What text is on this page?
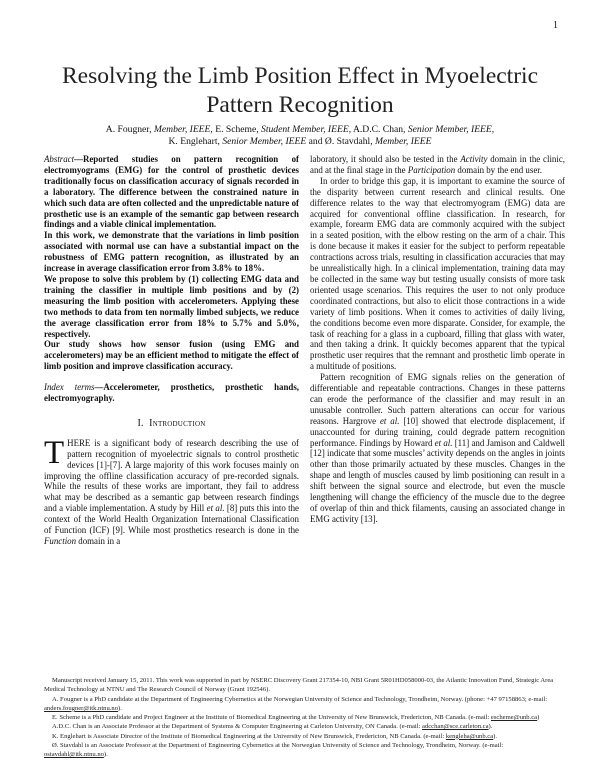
1
Resolving the Limb Position Effect in Myoelectric Pattern Recognition

A. Fougner, Member, IEEE, E. Scheme, Student Member, IEEE, A.D.C. Chan, Senior Member, IEEE,

K. Englehart, Senior Member, IEEE and Ø. Stavdahl, Member, IEEE

Abstract—Reported studies on pattern recognition of electromyograms (EMG) for the control of prosthetic devices traditionally focus on classification accuracy of signals recorded in a laboratory. The difference between the constrained nature in which such data are often collected and the unpredictable nature of prosthetic use is an example of the semantic gap between research findings and a viable clinical implementation.

In this work, we demonstrate that the variations in limb position associated with normal use can have a substantial impact on the robustness of EMG pattern recognition, as illustrated by an increase in average classification error from 3.8% to 18%.

We propose to solve this problem by (1) collecting EMG data and training the classifier in multiple limb positions and by (2) measuring the limb position with accelerometers. Applying these two methods to data from ten normally limbed subjects, we reduce the average classification error from 18% to 5.7% and 5.0%, respectively.

Our study shows how sensor fusion (using EMG and accelerometers) may be an efficient method to mitigate the effect of limb position and improve classification accuracy.

Index terms—Accelerometer, prosthetics, prosthetic hands, electromyography.

I. Introduction

THERE is a significant body of research describing the use of pattern recognition of myoelectric signals to control prosthetic devices [1]-[7]. A large majority of this work focuses mainly on improving the offline classification accuracy of pre-recorded signals. While the results of these works are important, they fail to address what may be described as a semantic gap between research findings and a viable implementation. A study by Hill et al. [8] puts this into the context of the World Health Organization International Classification of Function (ICF) [9]. While most prosthetics research is done in the Function domain in a

laboratory, it should also be tested in the Activity domain in the clinic, and at the final stage in the Participation domain by the end user.

In order to bridge this gap, it is important to examine the source of the disparity between current research and clinical results. One difference relates to the way that electromyogram (EMG) data are acquired for conventional offline classification. In research, for example, forearm EMG data are commonly acquired with the subject in a seated position, with the elbow resting on the arm of a chair. This is done because it makes it easier for the subject to perform repeatable contractions across trials, resulting in classification accuracies that may be unrealistically high. In a clinical implementation, training data may be collected in the same way but testing usually consists of more task oriented usage scenarios. This requires the user to not only produce coordinated contractions, but also to elicit those contractions in a wide variety of limb positions. When it comes to activities of daily living, the conditions become even more disparate. Consider, for example, the task of reaching for a glass in a cupboard, filling that glass with water, and then taking a drink. It quickly becomes apparent that the typical prosthetic user requires that the remnant and prosthetic limb operate in a multitude of positions.

Pattern recognition of EMG signals relies on the generation of differentiable and repeatable contractions. Changes in these patterns can erode the performance of the classifier and may result in an unusable controller. Such pattern alterations can occur for various reasons. Hargrove et al. [10] showed that electrode displacement, if unaccounted for during training, could degrade pattern recognition performance. Findings by Howard et al. [11] and Jamison and Caldwell [12] indicate that some muscles’ activity depends on the angles in joints other than those primarily actuated by these muscles. Changes in the shape and length of muscles caused by limb positioning can result in a shift between the signal source and electrode, but even the muscle lengthening will change the efficiency of the muscle due to the degree of overlap of thin and thick filaments, causing an associated change in EMG activity [13].

Manuscript received January 15, 2011. This work was supported in part by NSERC Discovery Grant 217354-10, NBI Grant 5R01HD058000-03, the Atlantic Innovation Fund, Strategic Area Medical Technology at NTNU and The Research Council of Norway (Grant 192546).

A. Fougner is a PhD candidate at the Department of Engineering Cybernetics at the Norwegian University of Science and Technology, Trondheim, Norway. (phone: +47 97158863; e-mail: anders.fougner@itk.ntnu.no).

E. Scheme is a PhD candidate and Project Engineer at the Institute of Biomedical Engineering at the University of New Brunswick, Fredericton, NB Canada. (e-mail: escheme@unb.ca)

A.D.C. Chan is an Associate Professor at the Department of Systems & Computer Engineering at Carleton University, ON Canada. (e-mail: adcchan@sce.carleton.ca).

K. Englehart is Associate Director of the Institute of Biomedical Engineering at the University of New Brunswick, Fredericton, NB Canada. (e-mail: kengleha@unb.ca).

Ø. Stavdahl is an Associate Professor at the Department of Engineering Cybernetics at the Norwegian University of Science and Technology, Trondheim, Norway. (e-mail: ostavdahl@itk.ntnu.no).
